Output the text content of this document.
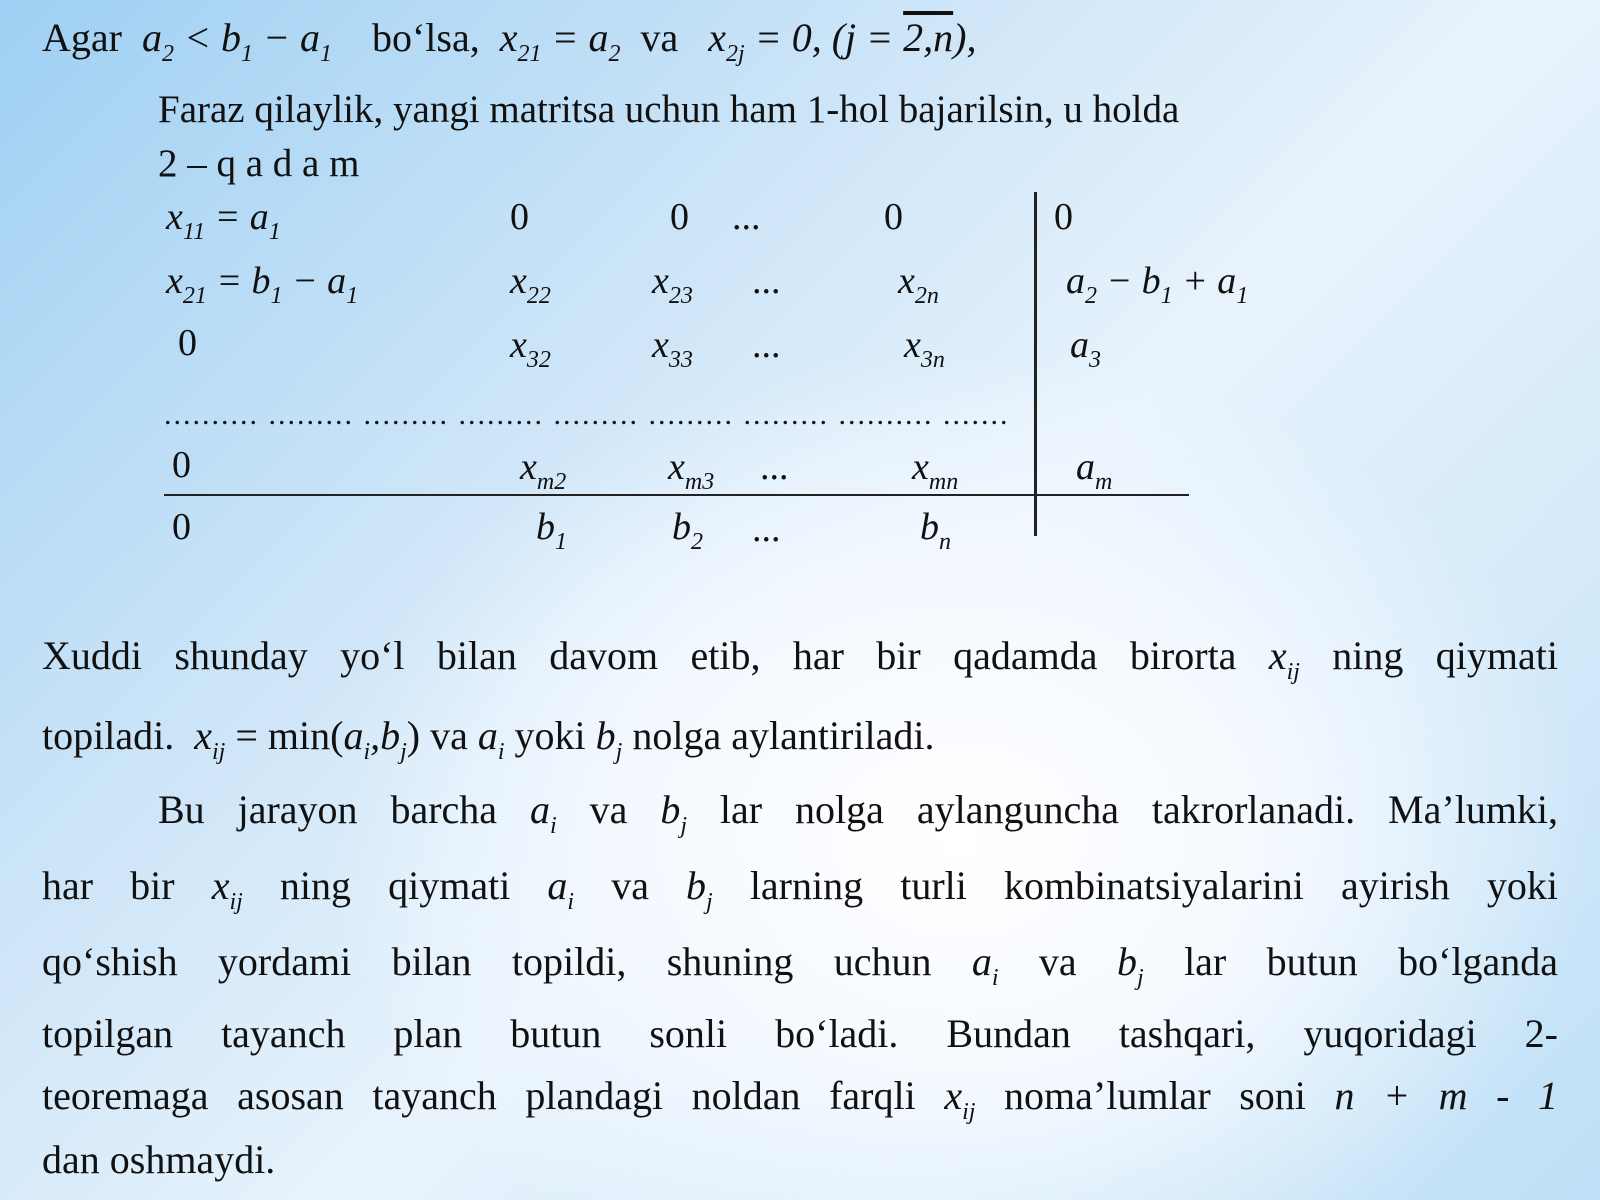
Agar $a_2 < b_1 - a_1$ bo‘lsa, $x_{21} = a_2$ va $x_{2j} = 0$, (j = 2,n),
Faraz qilaylik, yangi matritsa uchun ham 1-hol bajarilsin, u holda
2 – q a d a m
$x_{11} = a_1$	0	0 ...	0	0
$x_{21} = b_1 - a_1$	$x_{22}$	$x_{23}$ ...	$x_{2n}$	$a_2 - b_1 + a_1$
0	$x_{32}$	$x_{33}$ ...	$x_{3n}$	$a_3$
.......... ......... ......... ......... ......... ......... ......... .......... .......
0	$x_{m2}$	$x_{m3}$ ...	$x_{mn}$	$a_m$
0	$b_1$	$b_2$ ...	$b_n$
Xuddi shunday yo‘l bilan davom etib, har bir qadamda birorta $x_{ij}$ ning qiymati
topiladi. $x_{ij} = \min(a_i,b_j)$ va $a_i$ yoki $b_j$ nolga aylantiriladi.
Bu jarayon barcha $a_i$ va $b_j$ lar nolga aylanguncha takrorlanadi. Ma’lumki,
har bir $x_{ij}$ ning qiymati $a_i$ va $b_j$ larning turli kombinatsiyalarini ayirish yoki
qo‘shish yordami bilan topildi, shuning uchun $a_i$ va $b_j$ lar butun bo‘lganda
topilgan tayanch plan butun sonli bo‘ladi. Bundan tashqari, yuqoridagi 2-
teoremaga asosan tayanch plandagi noldan farqli $x_{ij}$ noma’lumlar soni n + m - 1
dan oshmaydi.
